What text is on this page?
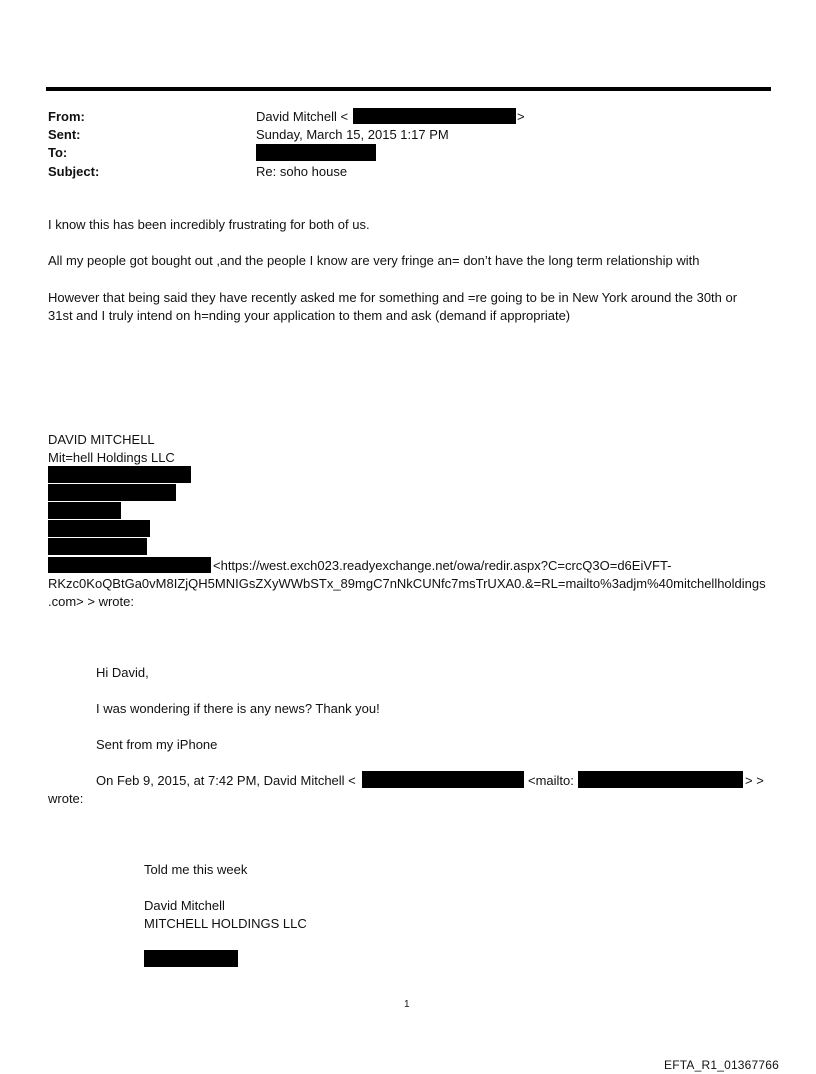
From:	David Mitchell <	>
Sent:	Sunday, March 15, 2015 1:17 PM
To:
Subject:	Re: soho house
I know this has been incredibly frustrating for both of us.
All my people got bought out ,and the people I know are very fringe an= don’t have the long term relationship with
However that being said they have recently asked me for something and =re going to be in New York around the 30th or
31st and I truly intend on h=nding your application to them and ask (demand if appropriate)
DAVID MITCHELL
Mit=hell Holdings LLC
<https://west.exch023.readyexchange.net/owa/redir.aspx?C=crcQ3O=d6EiVFT-
RKzc0KoQBtGa0vM8IZjQH5MNIGsZXyWWbSTx_89mgC7nNkCUNfc7msTrUXA0.&=RL=mailto%3adjm%40mitchellholdings
.com> > wrote:
Hi David,
I was wondering if there is any news? Thank you!
Sent from my iPhone
On Feb 9, 2015, at 7:42 PM, David Mitchell <	<mailto:	> >
wrote:
Told me this week
David Mitchell
MITCHELL HOLDINGS LLC
1
EFTA_R1_01367766
